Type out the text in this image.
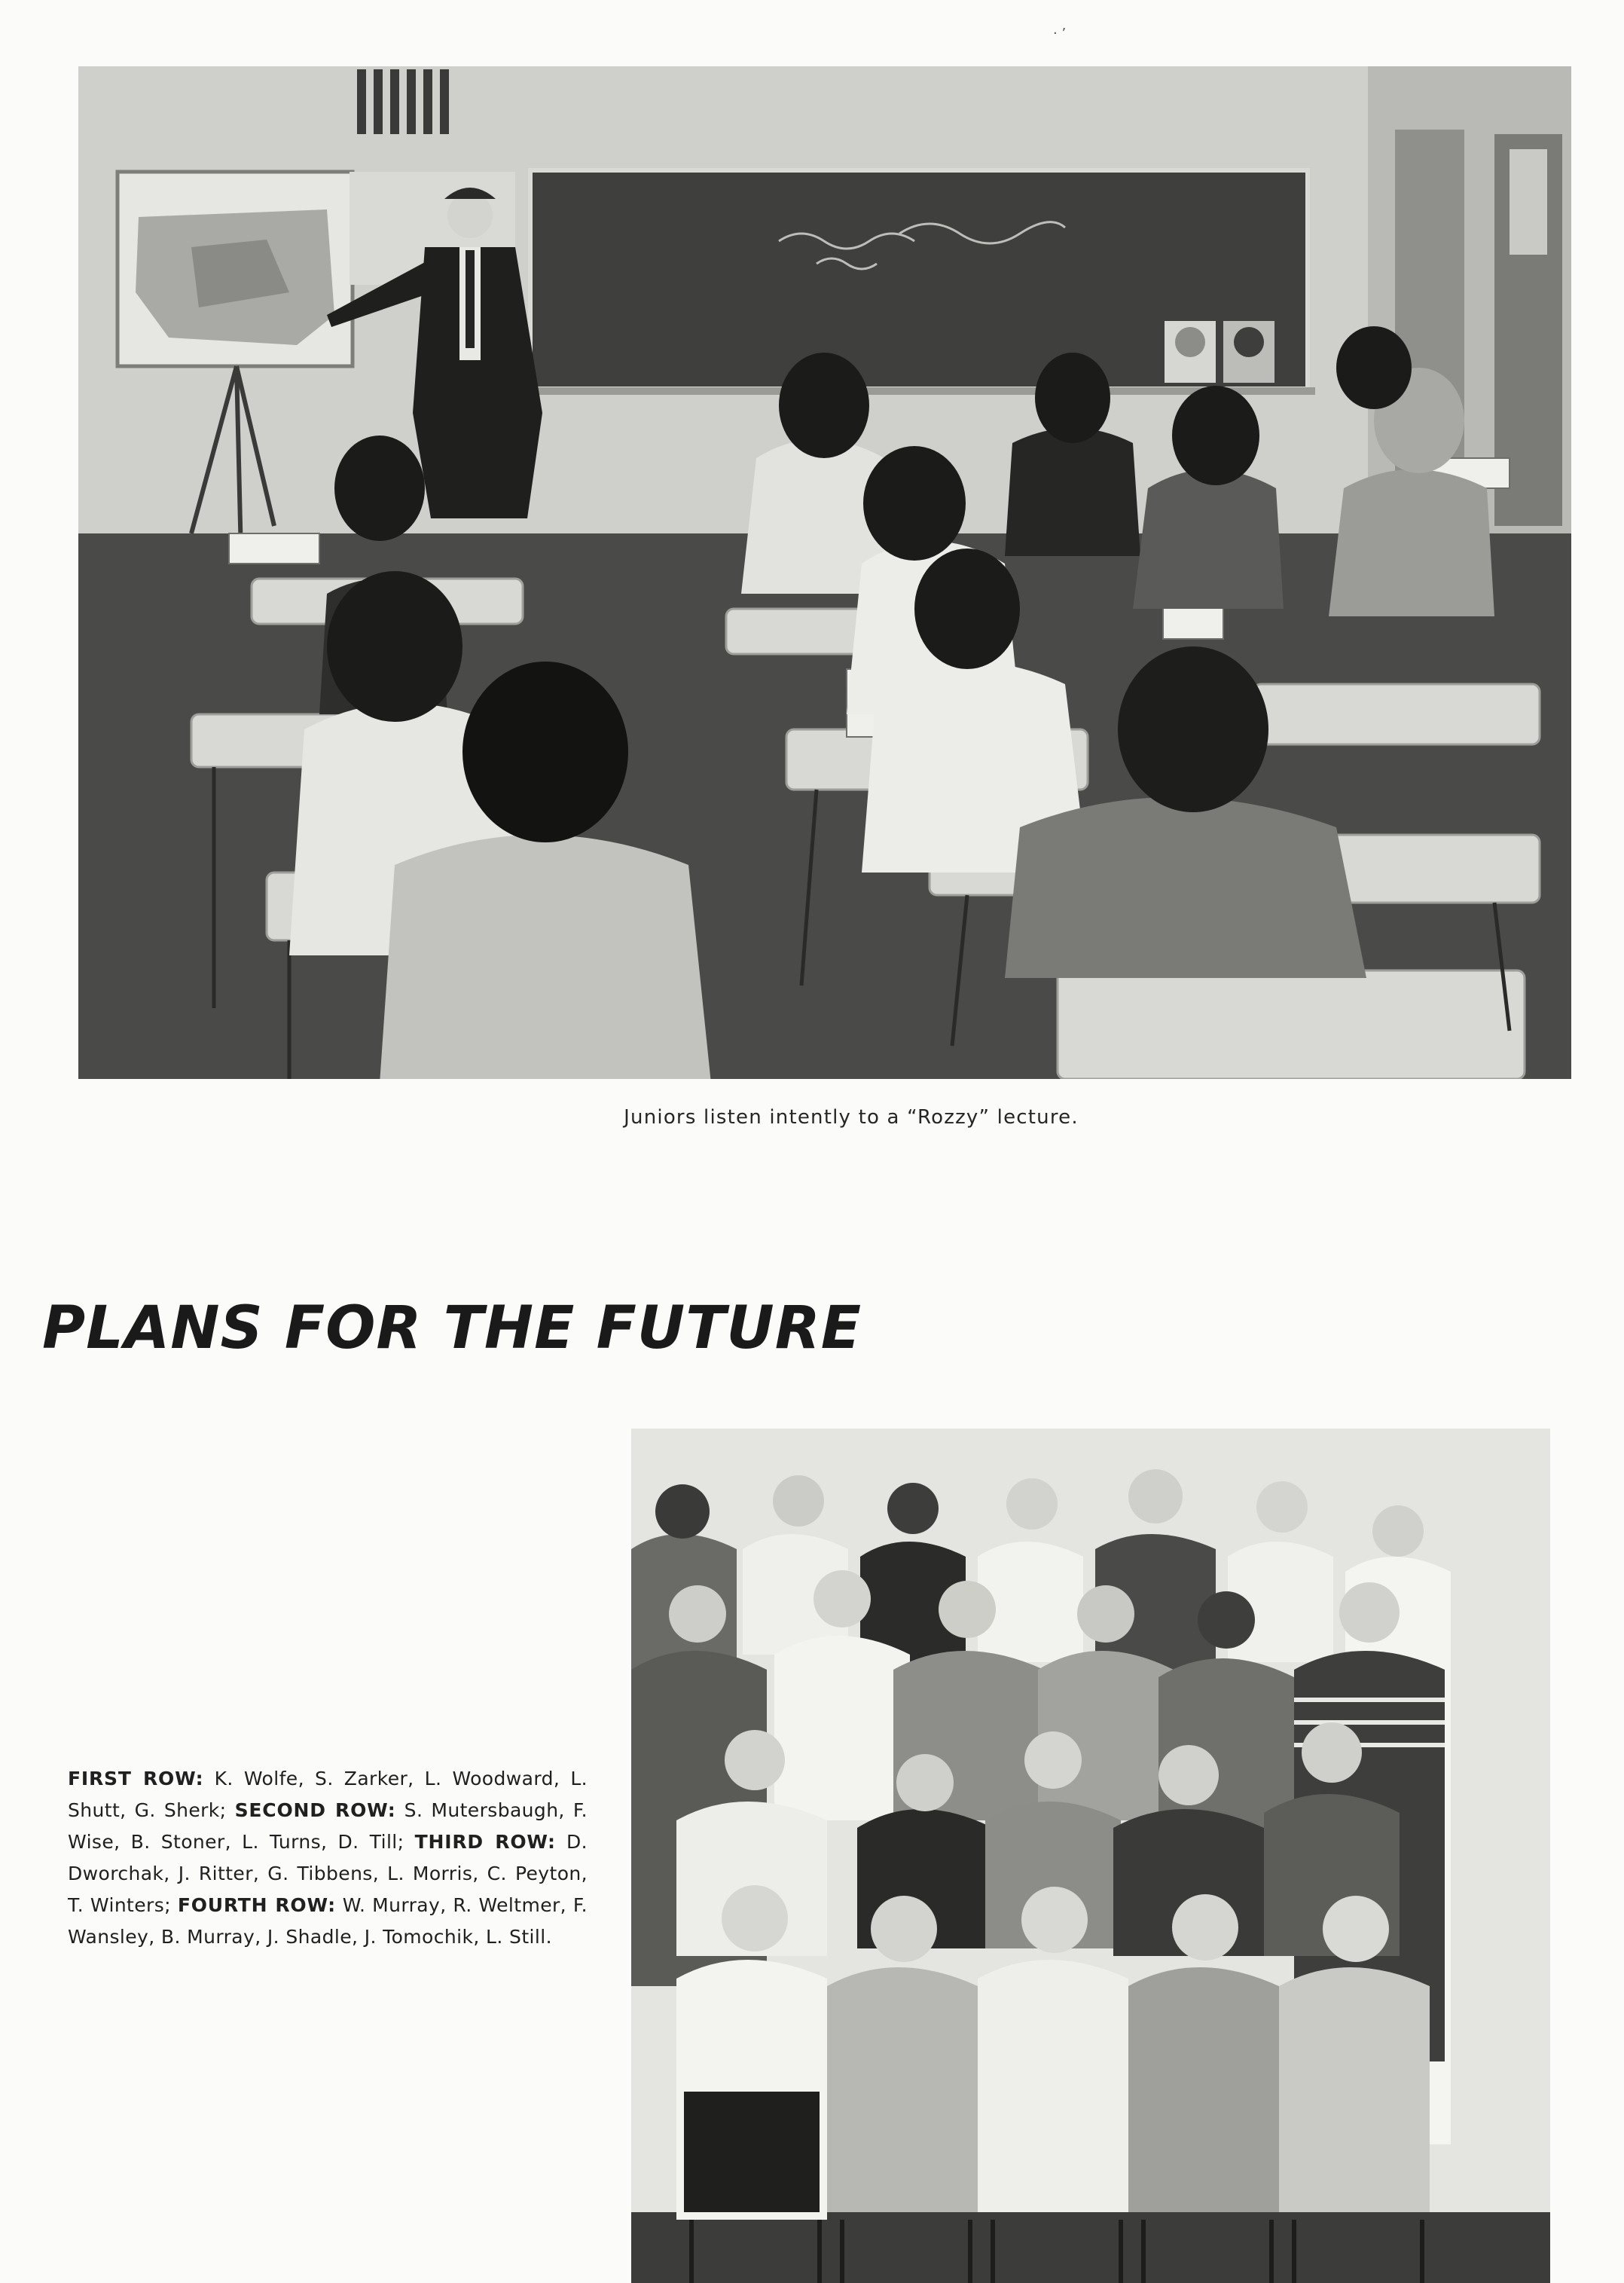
· ’
Juniors listen intently to a “Rozzy” lecture.
PLANS FOR THE FUTURE

FIRST ROW: K. Wolfe, S. Zarker, L. Woodward, L. Shutt, G. Sherk; SECOND ROW: S. Mutersbaugh, F. Wise, B. Stoner, L. Turns, D. Till; THIRD ROW: D. Dworchak, J. Ritter, G. Tibbens, L. Morris, C. Peyton, T. Winters; FOURTH ROW: W. Murray, R. Weltmer, F. Wansley, B. Murray, J. Shadle, J. Tomochik, L. Still.
